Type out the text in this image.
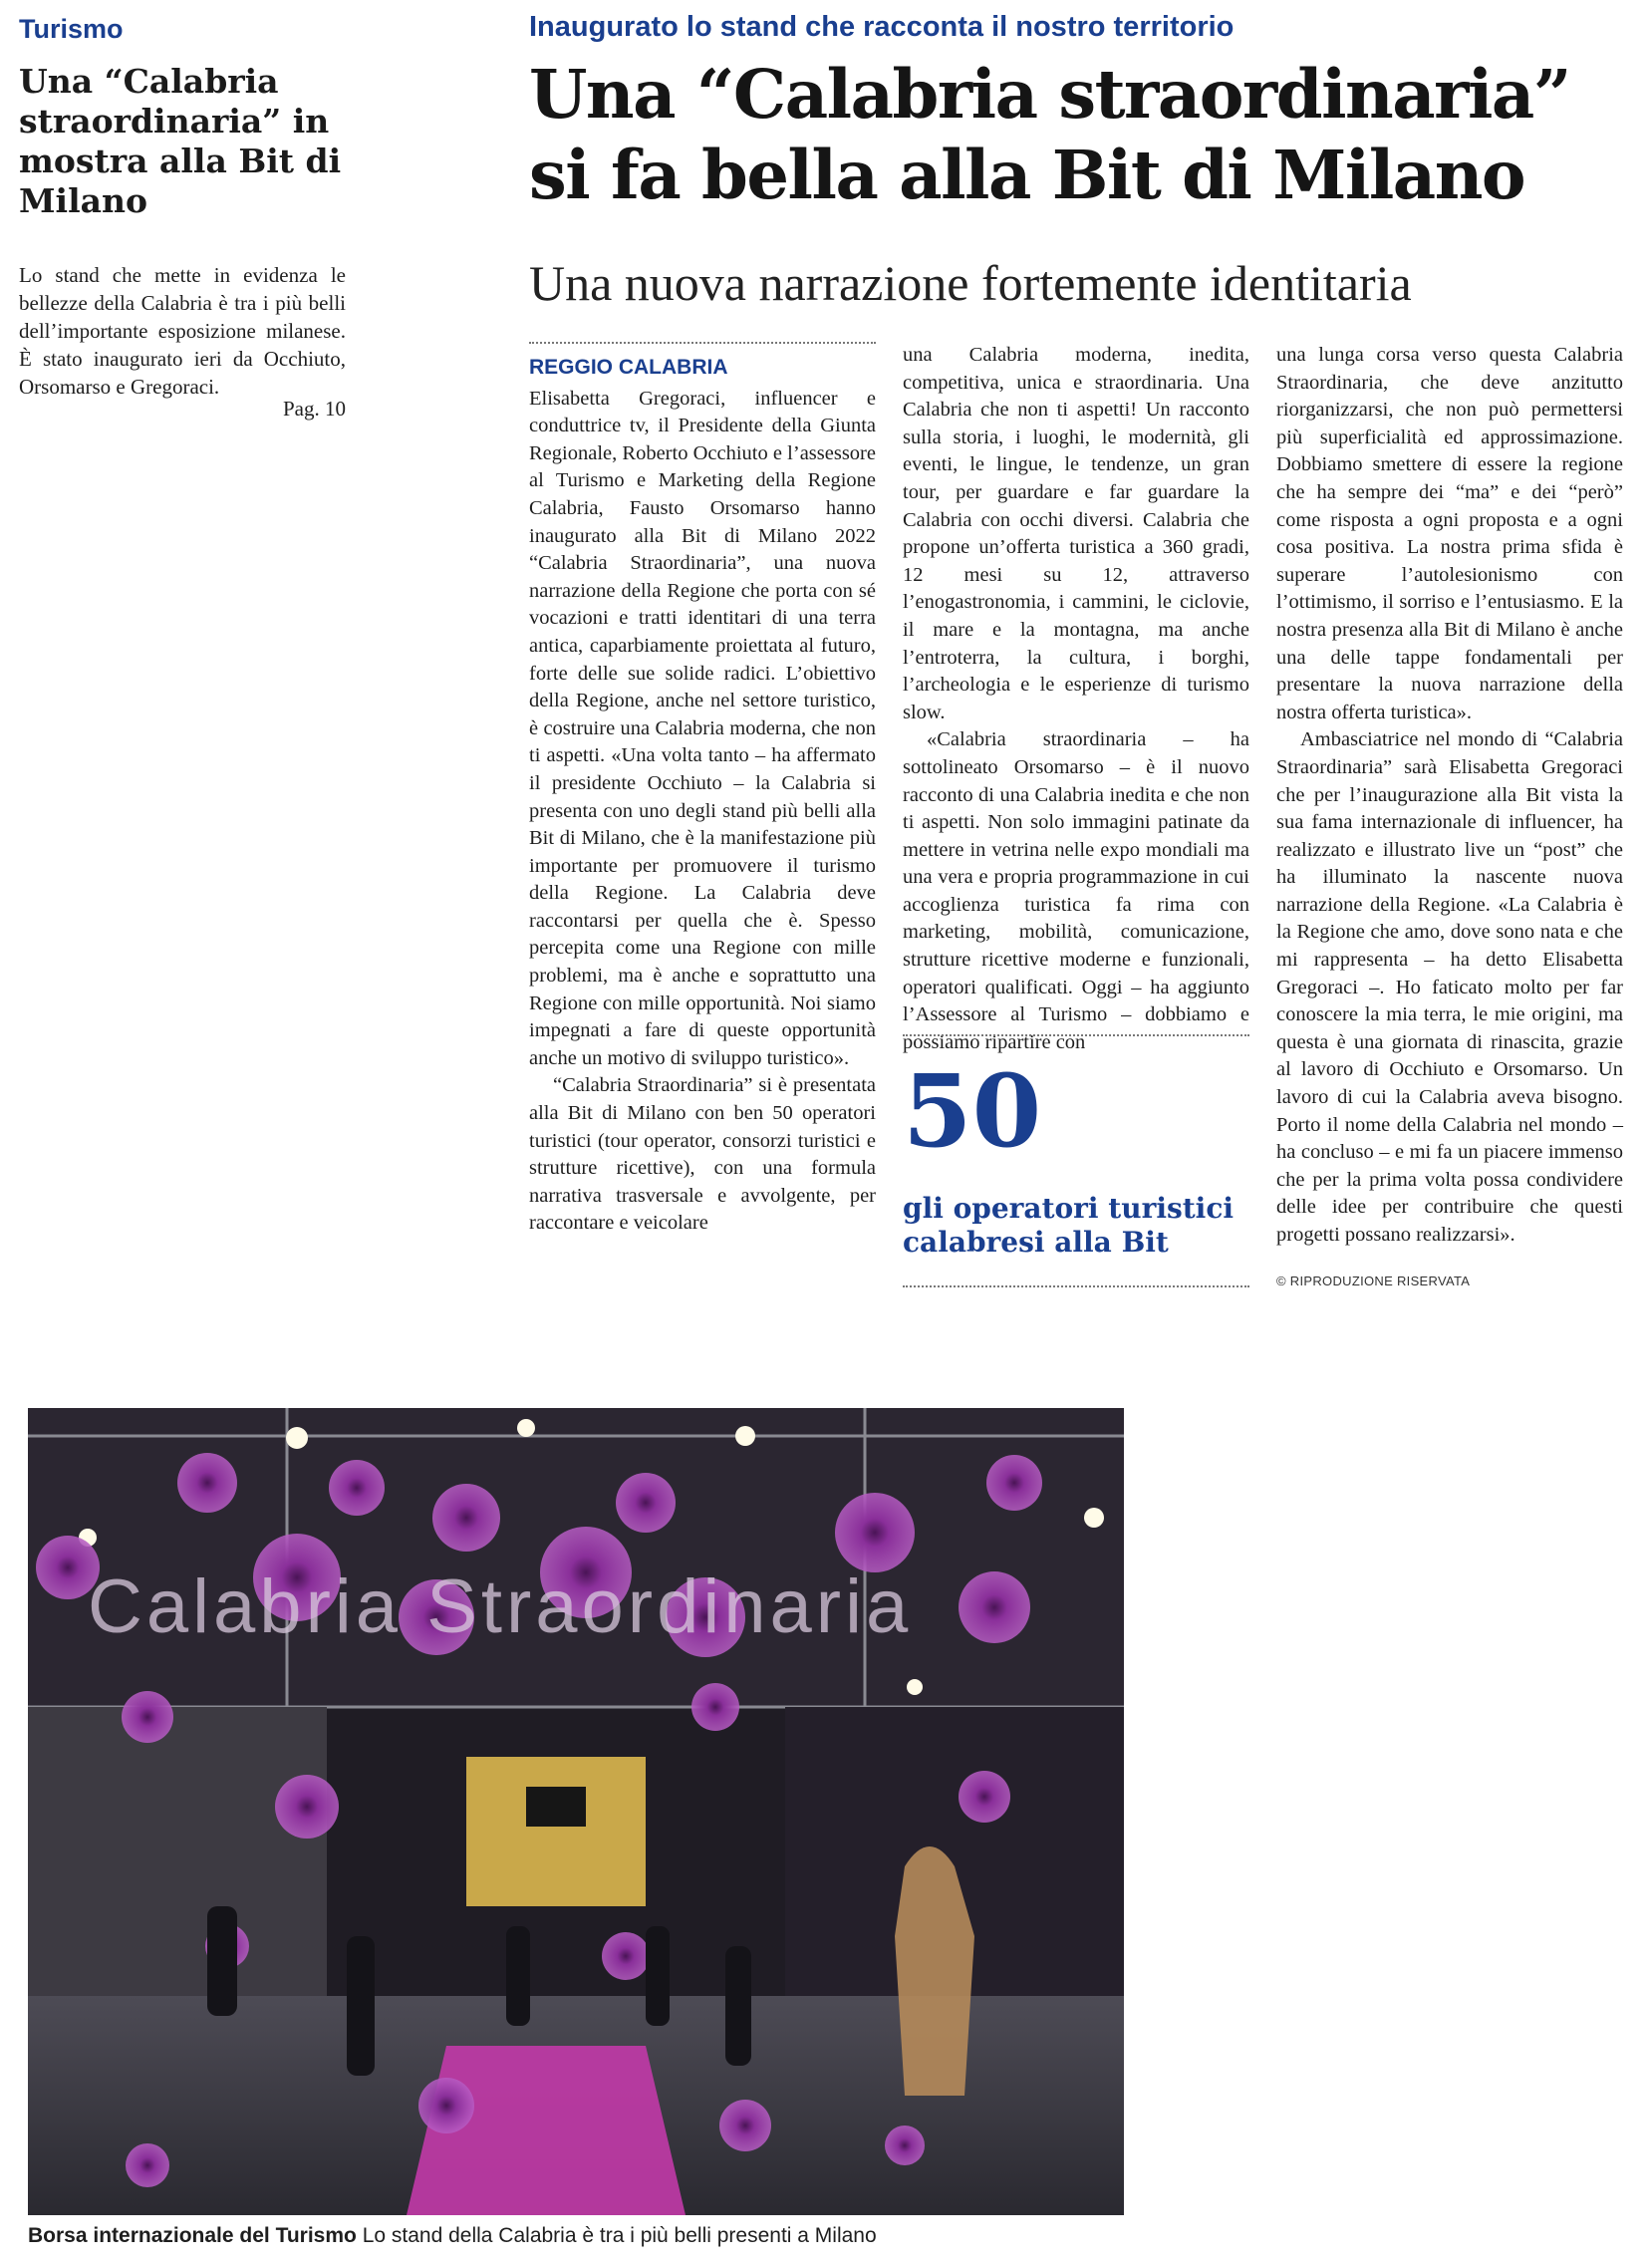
Turismo
Una “Calabria straordinaria” in mostra alla Bit di Milano

Lo stand che mette in evidenza le bellezze della Calabria è tra i più belli dell’importante esposizione milanese. È stato inaugurato ieri da Occhiuto, Orsomarso e Gregoraci.

Pag. 10
Inaugurato lo stand che racconta il nostro territorio
Una “Calabria straordinaria”
si fa bella alla Bit di Milano
Una nuova narrazione fortemente identitaria
REGGIO CALABRIA

Elisabetta Gregoraci, influencer e conduttrice tv, il Presidente della Giunta Regionale, Roberto Occhiuto e l’assessore al Turismo e Marketing della Regione Calabria, Fausto Orsomarso hanno inaugurato alla Bit di Milano 2022 “Calabria Straordinaria”, una nuova narrazione della Regione che porta con sé vocazioni e tratti identitari di una terra antica, caparbiamente proiettata al futuro, forte delle sue solide radici. L’obiettivo della Regione, anche nel settore turistico, è costruire una Calabria moderna, che non ti aspetti. «Una volta tanto – ha affermato il presidente Occhiuto – la Calabria si presenta con uno degli stand più belli alla Bit di Milano, che è la manifestazione più importante per promuovere il turismo della Regione. La Calabria deve raccontarsi per quella che è. Spesso percepita come una Regione con mille problemi, ma è anche e soprattutto una Regione con mille opportunità. Noi siamo impegnati a fare di queste opportunità anche un motivo di sviluppo turistico».

“Calabria Straordinaria” si è presentata alla Bit di Milano con ben 50 operatori turistici (tour operator, consorzi turistici e strutture ricettive), con una formula narrativa trasversale e avvolgente, per raccontare e veicolare

una Calabria moderna, inedita, competitiva, unica e straordinaria. Una Calabria che non ti aspetti! Un racconto sulla storia, i luoghi, le modernità, gli eventi, le lingue, le tendenze, un gran tour, per guardare e far guardare la Calabria con occhi diversi. Calabria che propone un’offerta turistica a 360 gradi, 12 mesi su 12, attraverso l’enogastronomia, i cammini, le ciclovie, il mare e la montagna, ma anche l’entroterra, la cultura, i borghi, l’archeologia e le esperienze di turismo slow.

«Calabria straordinaria – ha sottolineato Orsomarso – è il nuovo racconto di una Calabria inedita e che non ti aspetti. Non solo immagini patinate da mettere in vetrina nelle expo mondiali ma una vera e propria programmazione in cui accoglienza turistica fa rima con marketing, mobilità, comunicazione, strutture ricettive moderne e funzionali, operatori qualificati. Oggi – ha aggiunto l’Assessore al Turismo – dobbiamo e possiamo ripartire con

50
gli operatori turistici calabresi alla Bit

una lunga corsa verso questa Calabria Straordinaria, che deve anzitutto riorganizzarsi, che non può permettersi più superficialità ed approssimazione. Dobbiamo smettere di essere la regione che ha sempre dei “ma” e dei “però” come risposta a ogni proposta e a ogni cosa positiva. La nostra prima sfida è superare l’autolesionismo con l’ottimismo, il sorriso e l’entusiasmo. E la nostra presenza alla Bit di Milano è anche una delle tappe fondamentali per presentare la nuova narrazione della nostra offerta turistica».

Ambasciatrice nel mondo di “Calabria Straordinaria” sarà Elisabetta Gregoraci che per l’inaugurazione alla Bit vista la sua fama internazionale di influencer, ha realizzato e illustrato live un “post” che ha illuminato la nascente nuova narrazione della Regione. «La Calabria è la Regione che amo, dove sono nata e che mi rappresenta – ha detto Elisabetta Gregoraci –. Ho faticato molto per far conoscere la mia terra, le mie origini, ma questa è una giornata di rinascita, grazie al lavoro di Occhiuto e Orsomarso. Un lavoro di cui la Calabria aveva bisogno. Porto il nome della Calabria nel mondo – ha concluso – e mi fa un piacere immenso che per la prima volta possa condividere delle idee per contribuire che questi progetti possano realizzarsi».

© RIPRODUZIONE RISERVATA
Calabria Straordinaria
Borsa internazionale del Turismo Lo stand della Calabria è tra i più belli presenti a Milano
